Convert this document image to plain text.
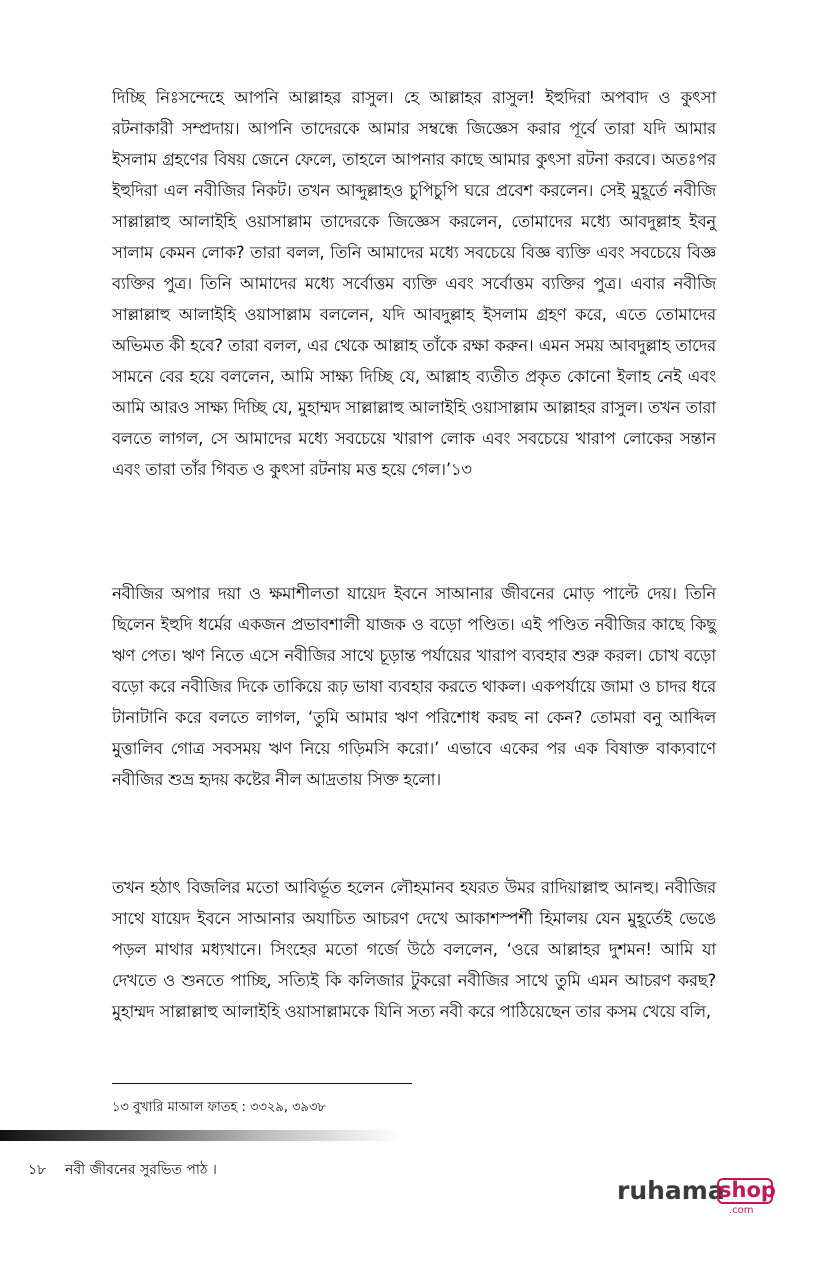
দিচ্ছি নিঃসন্দেহে আপনি আল্লাহর রাসুল। হে আল্লাহর রাসুল! ইহুদিরা অপবাদ ও কুৎসা রটনাকারী সম্প্রদায়। আপনি তাদেরকে আমার সম্বন্ধে জিজ্ঞেস করার পূর্বে তারা যদি আমার ইসলাম গ্রহণের বিষয় জেনে ফেলে, তাহলে আপনার কাছে আমার কুৎসা রটনা করবে। অতঃপর ইহুদিরা এল নবীজির নিকট। তখন আব্দুল্লাহও চুপিচুপি ঘরে প্রবেশ করলেন। সেই মুহূর্তে নবীজি সাল্লাল্লাহু আলাইহি ওয়াসাল্লাম তাদেরকে জিজ্ঞেস করলেন, তোমাদের মধ্যে আবদুল্লাহ ইবনু সালাম কেমন লোক? তারা বলল, তিনি আমাদের মধ্যে সবচেয়ে বিজ্ঞ ব্যক্তি এবং সবচেয়ে বিজ্ঞ ব্যক্তির পুত্র। তিনি আমাদের মধ্যে সর্বোত্তম ব্যক্তি এবং সর্বোত্তম ব্যক্তির পুত্র। এবার নবীজি সাল্লাল্লাহু আলাইহি ওয়াসাল্লাম বললেন, যদি আবদুল্লাহ ইসলাম গ্রহণ করে, এতে তোমাদের অভিমত কী হবে? তারা বলল, এর থেকে আল্লাহ তাঁকে রক্ষা করুন। এমন সময় আবদুল্লাহ তাদের সামনে বের হয়ে বললেন, আমি সাক্ষ্য দিচ্ছি যে, আল্লাহ ব্যতীত প্রকৃত কোনো ইলাহ নেই এবং আমি আরও সাক্ষ্য দিচ্ছি যে, মুহাম্মদ সাল্লাল্লাহু আলাইহি ওয়াসাল্লাম আল্লাহর রাসুল। তখন তারা বলতে লাগল, সে আমাদের মধ্যে সবচেয়ে খারাপ লোক এবং সবচেয়ে খারাপ লোকের সন্তান এবং তারা তাঁর গিবত ও কুৎসা রটনায় মত্ত হয়ে গেল।’১৩

নবীজির অপার দয়া ও ক্ষমাশীলতা যায়েদ ইবনে সাআনার জীবনের মোড় পাল্টে দেয়। তিনি ছিলেন ইহুদি ধর্মের একজন প্রভাবশালী যাজক ও বড়ো পণ্ডিত। এই পণ্ডিত নবীজির কাছে কিছু ঋণ পেত। ঋণ নিতে এসে নবীজির সাথে চূড়ান্ত পর্যায়ের খারাপ ব্যবহার শুরু করল। চোখ বড়ো বড়ো করে নবীজির দিকে তাকিয়ে রূঢ় ভাষা ব্যবহার করতে থাকল। একপর্যায়ে জামা ও চাদর ধরে টানাটানি করে বলতে লাগল, ‘তুমি আমার ঋণ পরিশোধ করছ না কেন? তোমরা বনু আব্দিল মুত্তালিব গোত্র সবসময় ঋণ নিয়ে গড়িমসি করো।’ এভাবে একের পর এক বিষাক্ত বাক্যবাণে নবীজির শুভ্র হৃদয় কষ্টের নীল আদ্রতায় সিক্ত হলো।

তখন হঠাৎ বিজলির মতো আবির্ভূত হলেন লৌহমানব হযরত উমর রাদিয়াল্লাহু আনহু। নবীজির সাথে যায়েদ ইবনে সাআনার অযাচিত আচরণ দেখে আকাশস্পর্শী হিমালয় যেন মুহূর্তেই ভেঙে পড়ল মাথার মধ্যখানে। সিংহের মতো গর্জে উঠে বললেন, ‘ওরে আল্লাহর দুশমন! আমি যা দেখতে ও শুনতে পাচ্ছি, সত্যিই কি কলিজার টুকরো নবীজির সাথে তুমি এমন আচরণ করছ? মুহাম্মদ সাল্লাল্লাহু আলাইহি ওয়াসাল্লামকে যিনি সত্য নবী করে পাঠিয়েছেন তার কসম খেয়ে বলি,

১৩ বুখারি মাআল ফাতহ : ৩৩২৯, ৩৯৩৮
১৮ নবী জীবনের সুরভিত পাঠ ।
ruhama
shop
.com
